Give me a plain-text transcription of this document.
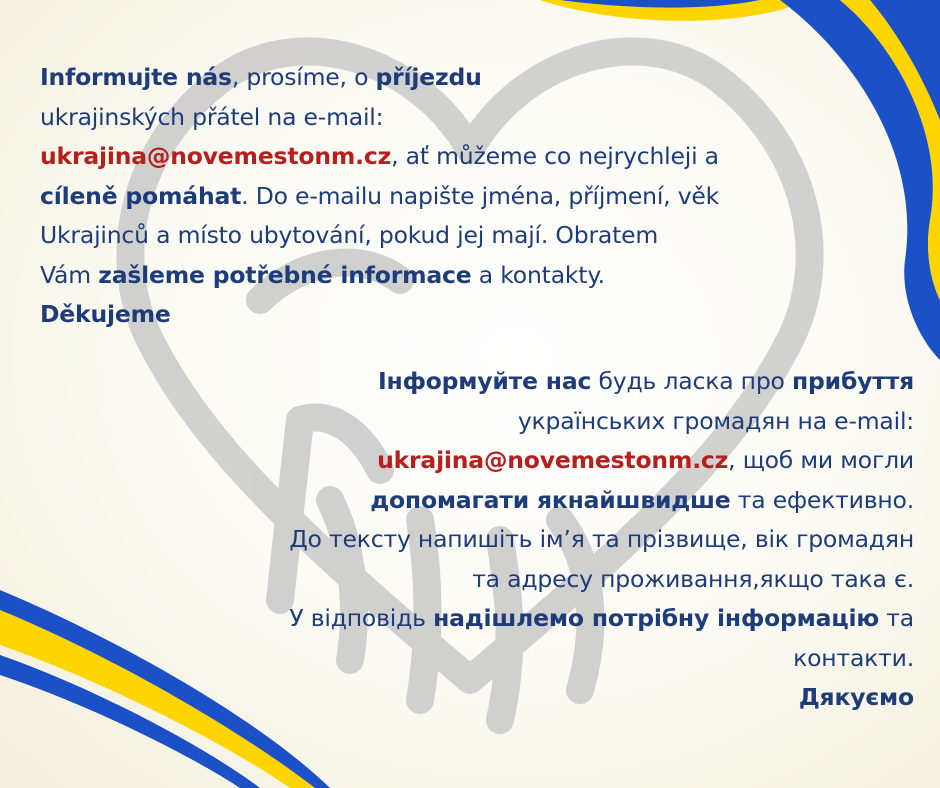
Informujte nás, prosíme, o příjezdu
ukrajinských přátel na e-mail:
ukrajina@novemestonm.cz, ať můžeme co nejrychleji a
cíleně pomáhat. Do e-mailu napište jména, příjmení, věk
Ukrajinců a místo ubytování, pokud jej mají. Obratem
Vám zašleme potřebné informace a kontakty.
Děkujeme
Інформуйте нас будь ласка про прибуття
українських громадян на e-mail:
ukrajina@novemestonm.cz, щоб ми могли
допомагати якнайшвидше та ефективно.
До тексту напишіть ім’я та прізвище, вік громадян
та адресу проживання,якщо така є.
У відповідь надішлемо потрібну інформацію та
контакти.
Дякуємо
